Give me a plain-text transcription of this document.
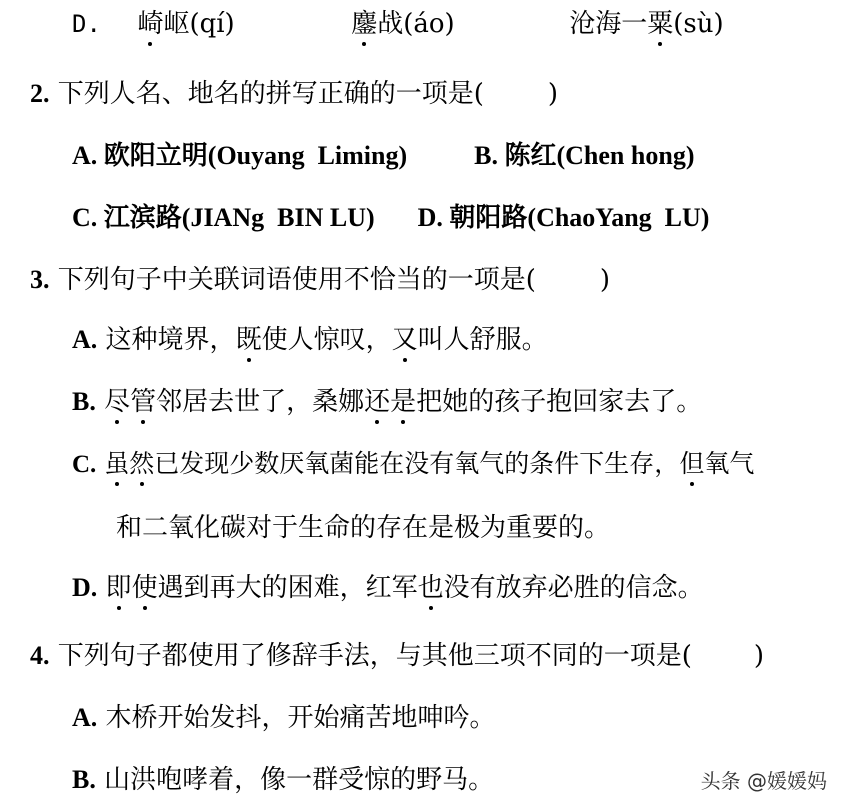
D. 崎岖(qí)	鏖战(áo)	沧海一粟(sù)
2. 下列人名、地名的拼写正确的一项是( )
A. 欧阳立明(Ouyang  Liming)	B. 陈红(Chen hong)
C. 江滨路(JIANg  BIN LU) D. 朝阳路(ChaoYang  LU)
3. 下列句子中关联词语使用不恰当的一项是( )
A. 这种境界，既使人惊叹，又叫人舒服。
B. 尽管邻居去世了，桑娜还是把她的孩子抱回家去了。
C. 虽然已发现少数厌氧菌能在没有氧气的条件下生存，但氧气
和二氧化碳对于生命的存在是极为重要的。
D. 即使遇到再大的困难，红军也没有放弃必胜的信念。
4. 下列句子都使用了修辞手法，与其他三项不同的一项是( )
A. 木桥开始发抖，开始痛苦地呻吟。
B. 山洪咆哮着，像一群受惊的野马。	头条 @媛媛妈
